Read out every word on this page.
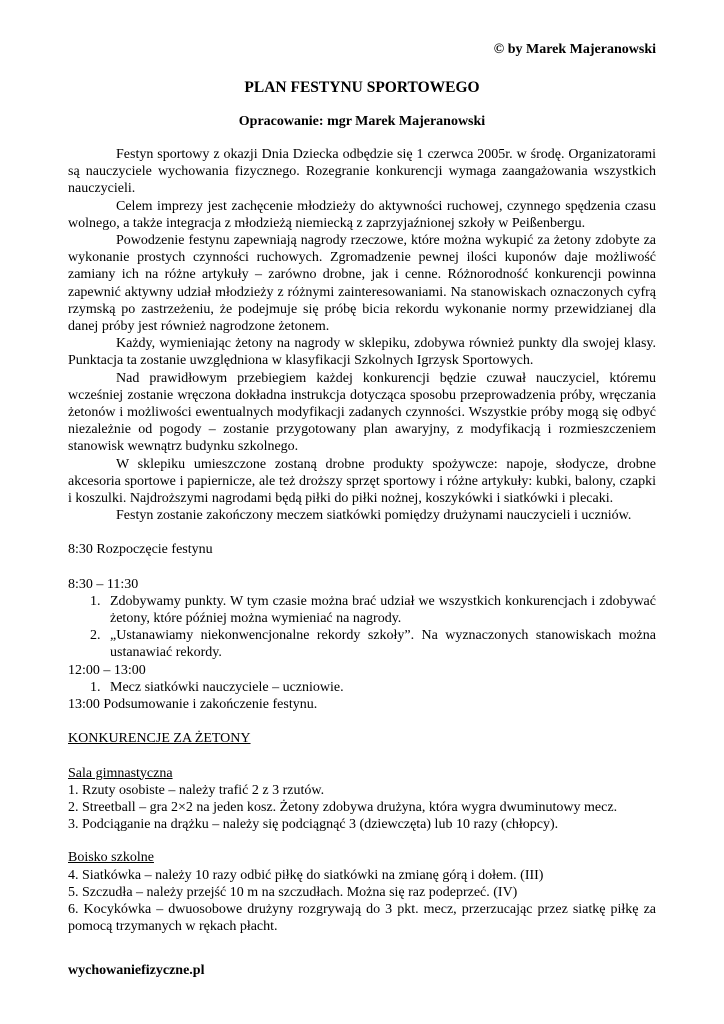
© by Marek Majeranowski
PLAN FESTYNU SPORTOWEGO
Opracowanie: mgr Marek Majeranowski

Festyn sportowy z okazji Dnia Dziecka odbędzie się 1 czerwca 2005r. w środę. Organizatorami są nauczyciele wychowania fizycznego. Rozegranie konkurencji wymaga zaangażowania wszystkich nauczycieli.

Celem imprezy jest zachęcenie młodzieży do aktywności ruchowej, czynnego spędzenia czasu wolnego, a także integracja z młodzieżą niemiecką z zaprzyjaźnionej szkoły w Peißenbergu.

Powodzenie festynu zapewniają nagrody rzeczowe, które można wykupić za żetony zdobyte za wykonanie prostych czynności ruchowych. Zgromadzenie pewnej ilości kuponów daje możliwość zamiany ich na różne artykuły – zarówno drobne, jak i cenne. Różnorodność konkurencji powinna zapewnić aktywny udział młodzieży z różnymi zainteresowaniami. Na stanowiskach oznaczonych cyfrą rzymską po zastrzeżeniu, że podejmuje się próbę bicia rekordu wykonanie normy przewidzianej dla danej próby jest również nagrodzone żetonem.

Każdy, wymieniając żetony na nagrody w sklepiku, zdobywa również punkty dla swojej klasy. Punktacja ta zostanie uwzględniona w klasyfikacji Szkolnych Igrzysk Sportowych.

Nad prawidłowym przebiegiem każdej konkurencji będzie czuwał nauczyciel, któremu wcześniej zostanie wręczona dokładna instrukcja dotycząca sposobu przeprowadzenia próby, wręczania żetonów i możliwości ewentualnych modyfikacji zadanych czynności. Wszystkie próby mogą się odbyć niezależnie od pogody – zostanie przygotowany plan awaryjny, z modyfikacją i rozmieszczeniem stanowisk wewnątrz budynku szkolnego.

W sklepiku umieszczone zostaną drobne produkty spożywcze: napoje, słodycze, drobne akcesoria sportowe i papiernicze, ale też droższy sprzęt sportowy i różne artykuły: kubki, balony, czapki i koszulki. Najdroższymi nagrodami będą piłki do piłki nożnej, koszykówki i siatkówki i plecaki.

Festyn zostanie zakończony meczem siatkówki pomiędzy drużynami nauczycieli i uczniów.

8:30 Rozpoczęcie festynu

8:30 – 11:30

1. Zdobywamy punkty. W tym czasie można brać udział we wszystkich konkurencjach i zdobywać żetony, które później można wymieniać na nagrody.
2. „Ustanawiamy niekonwencjonalne rekordy szkoły”. Na wyznaczonych stanowiskach można ustanawiać rekordy.

12:00 – 13:00

1. Mecz siatkówki nauczyciele – uczniowie.

13:00 Podsumowanie i zakończenie festynu.

KONKURENCJE ZA ŻETONY

Sala gimnastyczna

1. Rzuty osobiste – należy trafić 2 z 3 rzutów.

2. Streetball – gra 2×2 na jeden kosz. Żetony zdobywa drużyna, która wygra dwuminutowy mecz.

3. Podciąganie na drążku – należy się podciągnąć 3 (dziewczęta) lub 10 razy (chłopcy).

Boisko szkolne

4. Siatkówka – należy 10 razy odbić piłkę do siatkówki na zmianę górą i dołem. (III)

5. Szczudła – należy przejść 10 m na szczudłach. Można się raz podeprzeć. (IV)

6. Kocykówka – dwuosobowe drużyny rozgrywają do 3 pkt. mecz, przerzucając przez siatkę piłkę za pomocą trzymanych w rękach płacht.

wychowaniefizyczne.pl
